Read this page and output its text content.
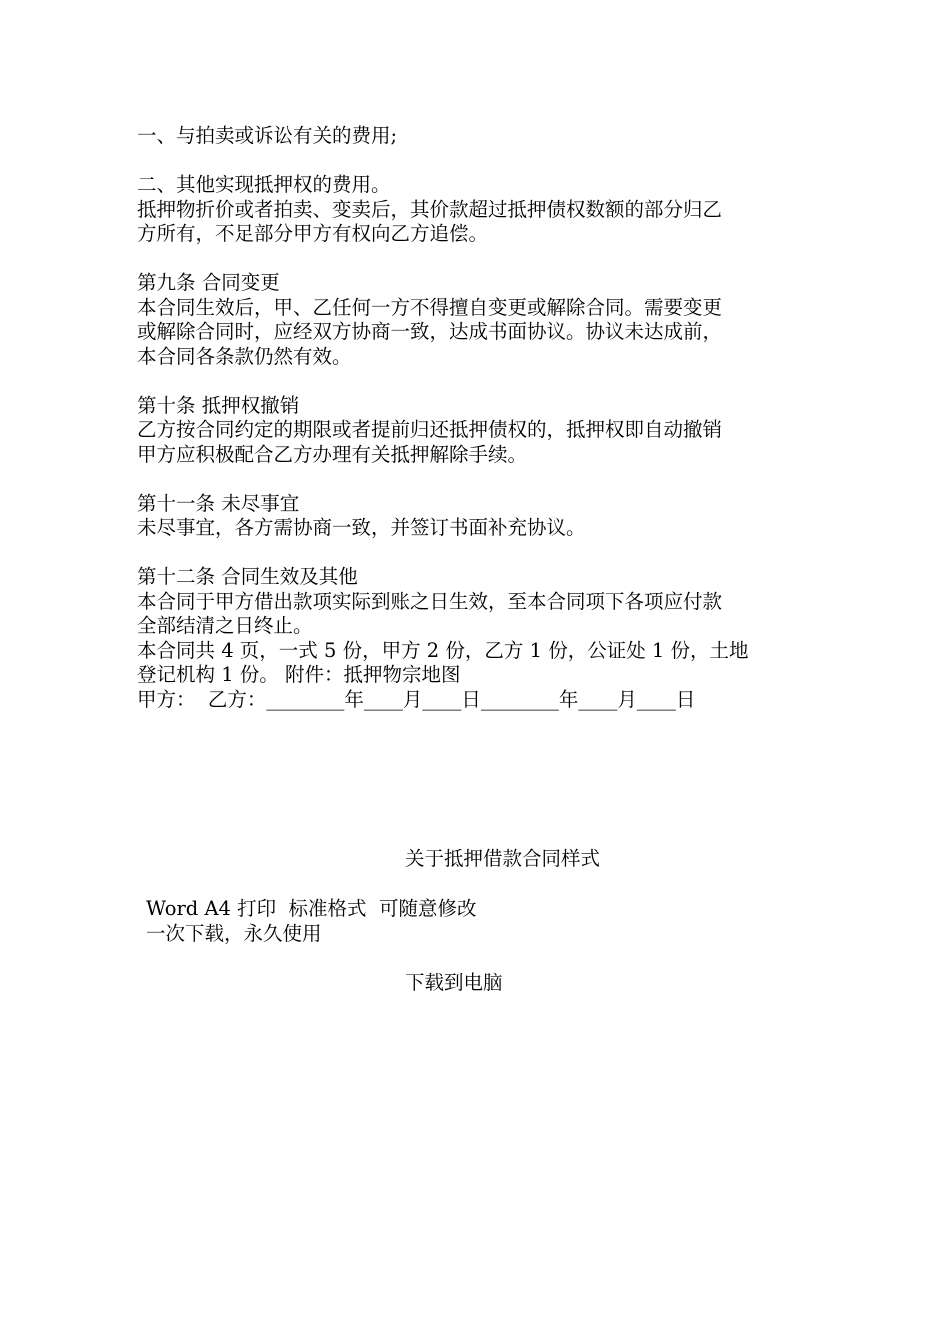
一、与拍卖或诉讼有关的费用;
二、其他实现抵押权的费用。
抵押物折价或者拍卖、变卖后，其价款超过抵押债权数额的部分归乙
方所有，不足部分甲方有权向乙方追偿。
第九条 合同变更
本合同生效后，甲、乙任何一方不得擅自变更或解除合同。需要变更
或解除合同时，应经双方协商一致，达成书面协议。协议未达成前，
本合同各条款仍然有效。
第十条 抵押权撤销
乙方按合同约定的期限或者提前归还抵押债权的，抵押权即自动撤销
甲方应积极配合乙方办理有关抵押解除手续。
第十一条 未尽事宜
未尽事宜，各方需协商一致，并签订书面补充协议。
第十二条 合同生效及其他
本合同于甲方借出款项实际到账之日生效，至本合同项下各项应付款
全部结清之日终止。
本合同共 4 页，一式 5 份，甲方 2 份，乙方 1 份，公证处 1 份，土地
登记机构 1 份。 附件：抵押物宗地图
甲方：  乙方：________年____月____日________年____月____日
关于抵押借款合同样式
Word A4 打印  标准格式  可随意修改
一次下载，永久使用
下载到电脑
